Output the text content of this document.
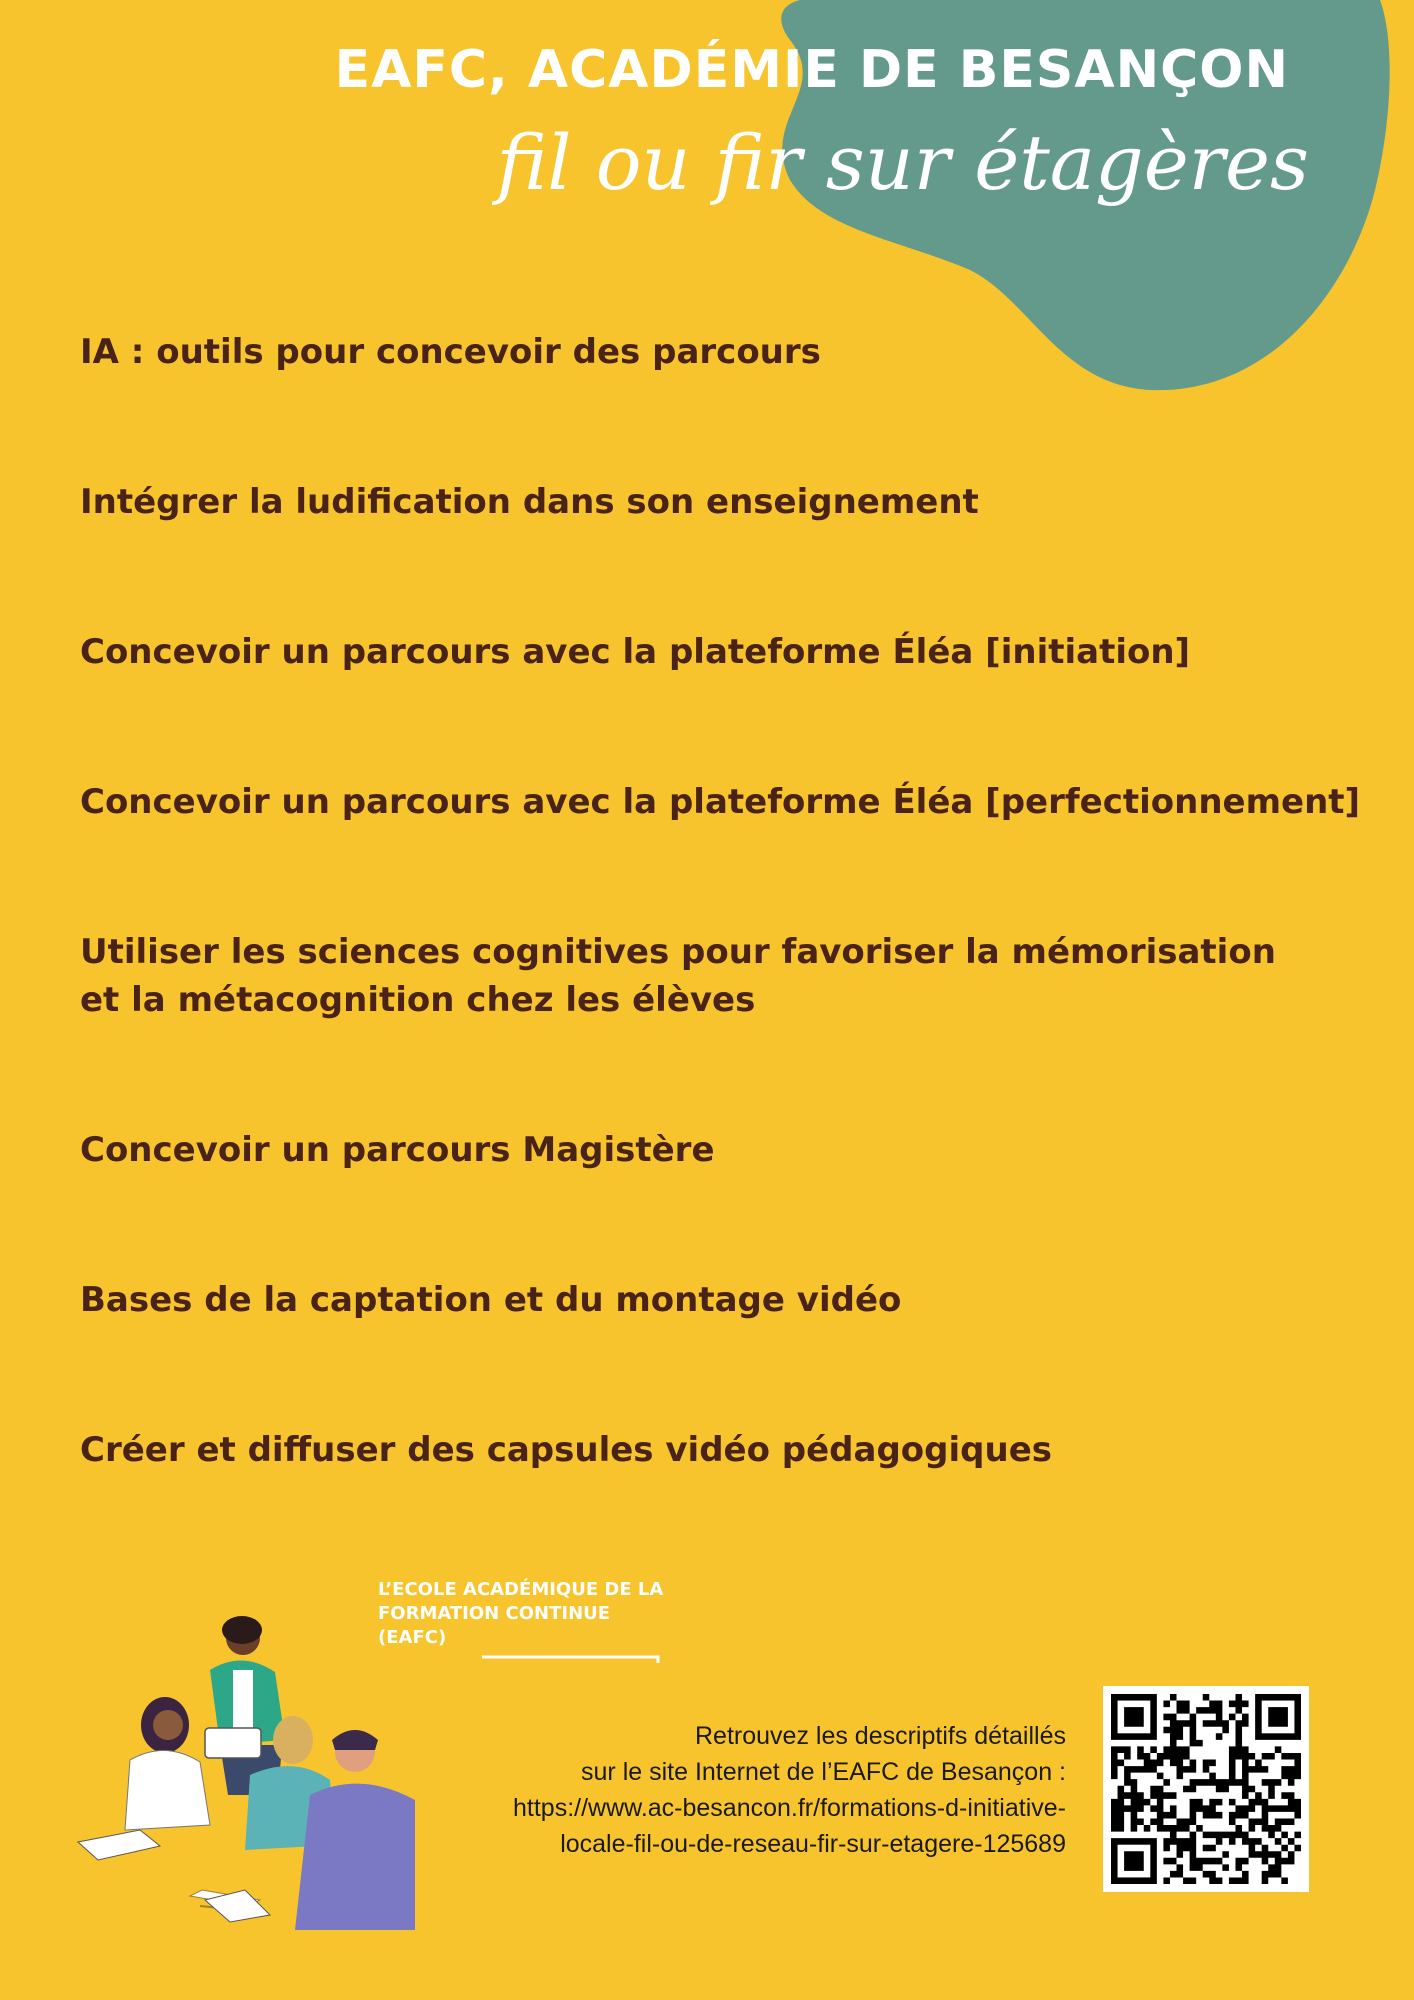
EAFC, ACADÉMIE DE BESANÇON
fil ou fir sur étagères
IA : outils pour concevoir des parcours
Intégrer la ludification dans son enseignement
Concevoir un parcours avec la plateforme Éléa [initiation]
Concevoir un parcours avec la plateforme Éléa [perfectionnement]
Utiliser les sciences cognitives pour favoriser la mémorisation
et la métacognition chez les élèves
Concevoir un parcours Magistère
Bases de la captation et du montage vidéo
Créer et diffuser des capsules vidéo pédagogiques
L’ECOLE ACADÉMIQUE DE LA
FORMATION CONTINUE
(EAFC)
Retrouvez les descriptifs détaillés
sur le site Internet de l’EAFC de Besançon :
https://www.ac-besancon.fr/formations-d-initiative-
locale-fil-ou-de-reseau-fir-sur-etagere-125689
